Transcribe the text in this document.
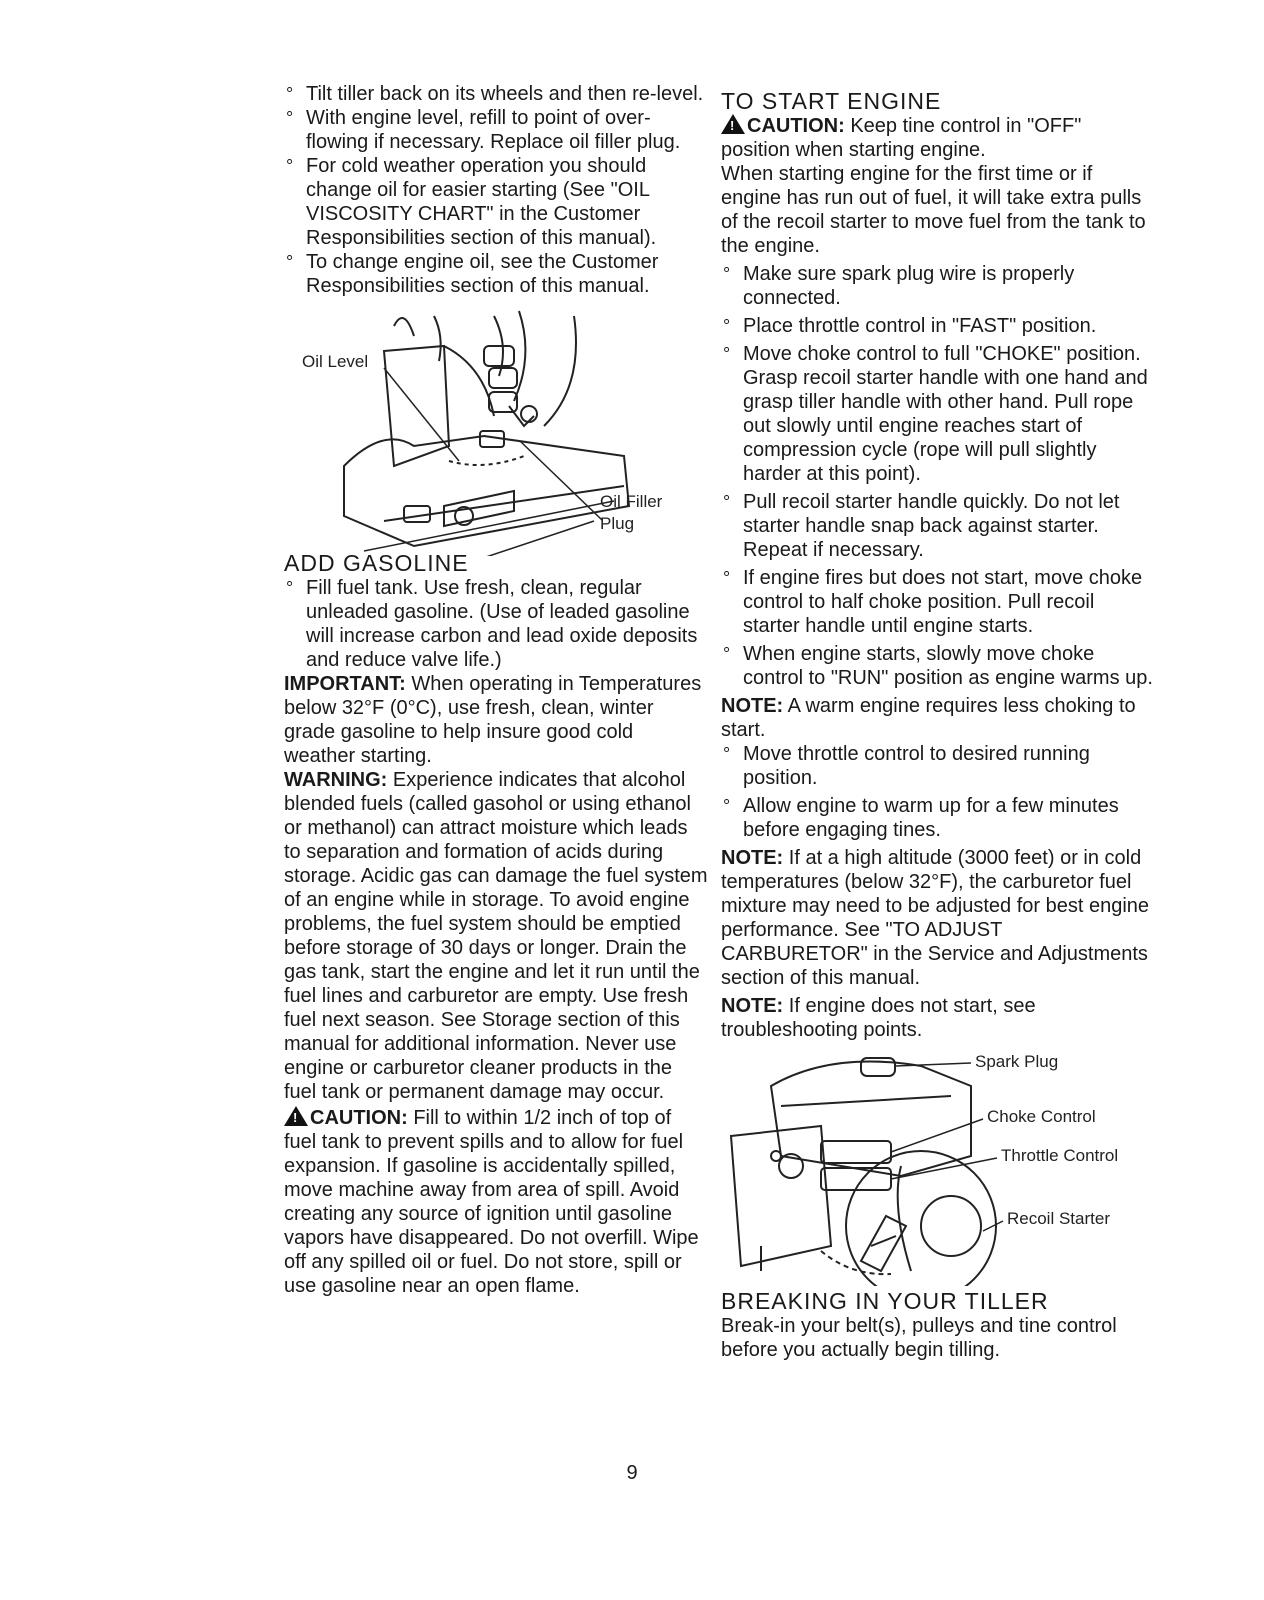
° Tilt tiller back on its wheels and then re-level.
° With engine level, refill to point of over-flowing if necessary. Replace oil filler plug.
° For cold weather operation you should change oil for easier starting (See "OIL VISCOSITY CHART" in the Customer Responsibilities section of this manual).
° To change engine oil, see the Customer Responsibilities section of this manual.
Oil Level
Oil Filler
Plug
ADD GASOLINE
° Fill fuel tank. Use fresh, clean, regular unleaded gasoline. (Use of leaded gasoline will increase carbon and lead oxide deposits and reduce valve life.)

IMPORTANT: When operating in Temperatures below 32°F (0°C), use fresh, clean, winter grade gasoline to help insure good cold weather starting.

WARNING: Experience indicates that alcohol blended fuels (called gasohol or using ethanol or methanol) can attract moisture which leads to separation and formation of acids during storage. Acidic gas can damage the fuel system of an engine while in storage. To avoid engine problems, the fuel system should be emptied before storage of 30 days or longer. Drain the gas tank, start the engine and let it run until the fuel lines and carburetor are empty. Use fresh fuel next season. See Storage section of this manual for additional information. Never use engine or carburetor cleaner products in the fuel tank or permanent damage may occur.

!CAUTION: Fill to within 1/2 inch of top of fuel tank to prevent spills and to allow for fuel expansion. If gasoline is accidentally spilled, move machine away from area of spill. Avoid creating any source of ignition until gasoline vapors have disappeared. Do not overfill. Wipe off any spilled oil or fuel. Do not store, spill or use gasoline near an open flame.

TO START ENGINE

!CAUTION: Keep tine control in "OFF" position when starting engine.

When starting engine for the first time or if engine has run out of fuel, it will take extra pulls of the recoil starter to move fuel from the tank to the engine.

° Make sure spark plug wire is properly connected.
° Place throttle control in "FAST" position.
° Move choke control to full "CHOKE" position. Grasp recoil starter handle with one hand and grasp tiller handle with other hand. Pull rope out slowly until engine reaches start of compression cycle (rope will pull slightly harder at this point).
° Pull recoil starter handle quickly. Do not let starter handle snap back against starter. Repeat if necessary.
° If engine fires but does not start, move choke control to half choke position. Pull recoil starter handle until engine starts.
° When engine starts, slowly move choke control to "RUN" position as engine warms up.

NOTE: A warm engine requires less choking to start.

° Move throttle control to desired running position.
° Allow engine to warm up for a few minutes before engaging tines.

NOTE: If at a high altitude (3000 feet) or in cold temperatures (below 32°F), the carburetor fuel mixture may need to be adjusted for best engine performance. See "TO ADJUST CARBURETOR" in the Service and Adjustments section of this manual.

NOTE: If engine does not start, see troubleshooting points.

Spark Plug
Choke Control
Throttle Control
Recoil Starter
BREAKING IN YOUR TILLER

Break-in your belt(s), pulleys and tine control before you actually begin tilling.

9
